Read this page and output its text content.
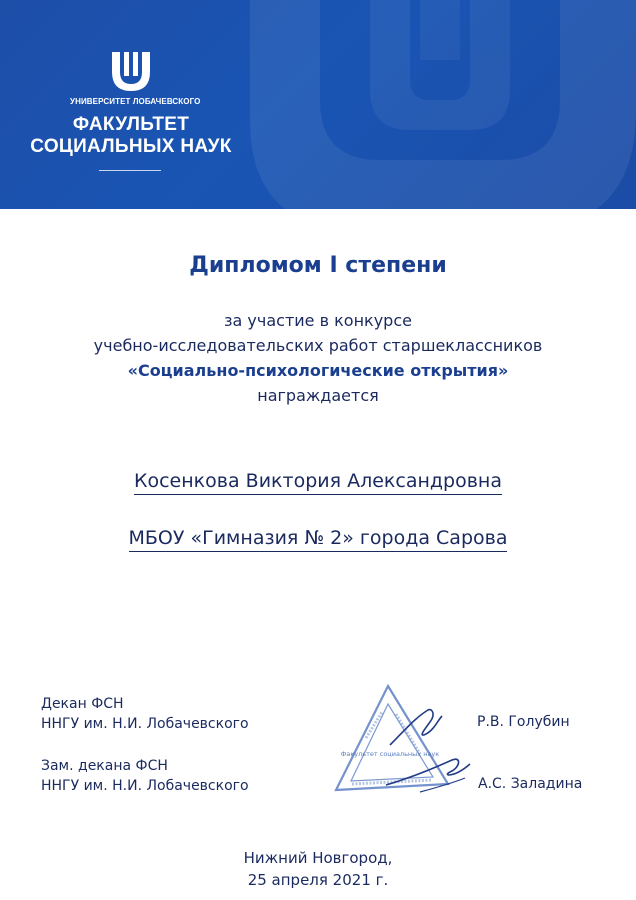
УНИВЕРСИТЕТ ЛОБАЧЕВСКОГО
ФАКУЛЬТЕТ
СОЦИАЛЬНЫХ НАУК
Дипломом I степени
за участие в конкурсе
учебно-исследовательских работ старшеклассников
«Социально-психологические открытия»
награждается
Косенкова Виктория Александровна
МБОУ «Гимназия № 2» города Сарова
Декан ФСН
ННГУ им. Н.И. Лобачевского	Р.В. Голубин
Зам. декана ФСН
ННГУ им. Н.И. Лобачевского	А.С. Заладина
Факультет социальных наук
Нижний Новгород,
25 апреля 2021 г.
